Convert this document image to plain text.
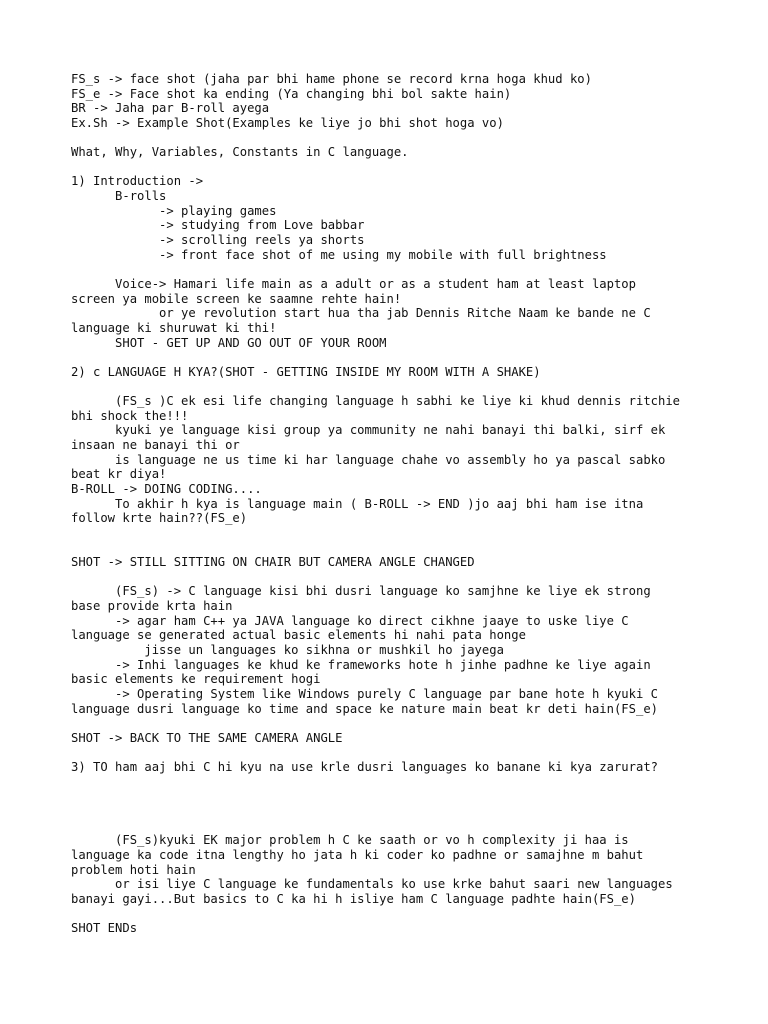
FS_s -> face shot (jaha par bhi hame phone se record krna hoga khud ko)
FS_e -> Face shot ka ending (Ya changing bhi bol sakte hain)
BR -> Jaha par B-roll ayega
Ex.Sh -> Example Shot(Examples ke liye jo bhi shot hoga vo)
What, Why, Variables, Constants in C language.
1) Introduction ->
B-rolls
-> playing games
-> studying from Love babbar
-> scrolling reels ya shorts
-> front face shot of me using my mobile with full brightness
Voice-> Hamari life main as a adult or as a student ham at least laptop
screen ya mobile screen ke saamne rehte hain!
or ye revolution start hua tha jab Dennis Ritche Naam ke bande ne C
language ki shuruwat ki thi!
SHOT - GET UP AND GO OUT OF YOUR ROOM
2) c LANGUAGE H KYA?(SHOT - GETTING INSIDE MY ROOM WITH A SHAKE)
(FS_s )C ek esi life changing language h sabhi ke liye ki khud dennis ritchie
bhi shock the!!!
kyuki ye language kisi group ya community ne nahi banayi thi balki, sirf ek
insaan ne banayi thi or
is language ne us time ki har language chahe vo assembly ho ya pascal sabko
beat kr diya!
B-ROLL -> DOING CODING....
To akhir h kya is language main ( B-ROLL -> END )jo aaj bhi ham ise itna
follow krte hain??(FS_e)
SHOT -> STILL SITTING ON CHAIR BUT CAMERA ANGLE CHANGED
(FS_s) -> C language kisi bhi dusri language ko samjhne ke liye ek strong
base provide krta hain
-> agar ham C++ ya JAVA language ko direct cikhne jaaye to uske liye C
language se generated actual basic elements hi nahi pata honge
jisse un languages ko sikhna or mushkil ho jayega
-> Inhi languages ke khud ke frameworks hote h jinhe padhne ke liye again
basic elements ke requirement hogi
-> Operating System like Windows purely C language par bane hote h kyuki C
language dusri language ko time and space ke nature main beat kr deti hain(FS_e)
SHOT -> BACK TO THE SAME CAMERA ANGLE
3) TO ham aaj bhi C hi kyu na use krle dusri languages ko banane ki kya zarurat?
(FS_s)kyuki EK major problem h C ke saath or vo h complexity ji haa is
language ka code itna lengthy ho jata h ki coder ko padhne or samajhne m bahut
problem hoti hain
or isi liye C language ke fundamentals ko use krke bahut saari new languages
banayi gayi...But basics to C ka hi h isliye ham C language padhte hain(FS_e)
SHOT ENDs
